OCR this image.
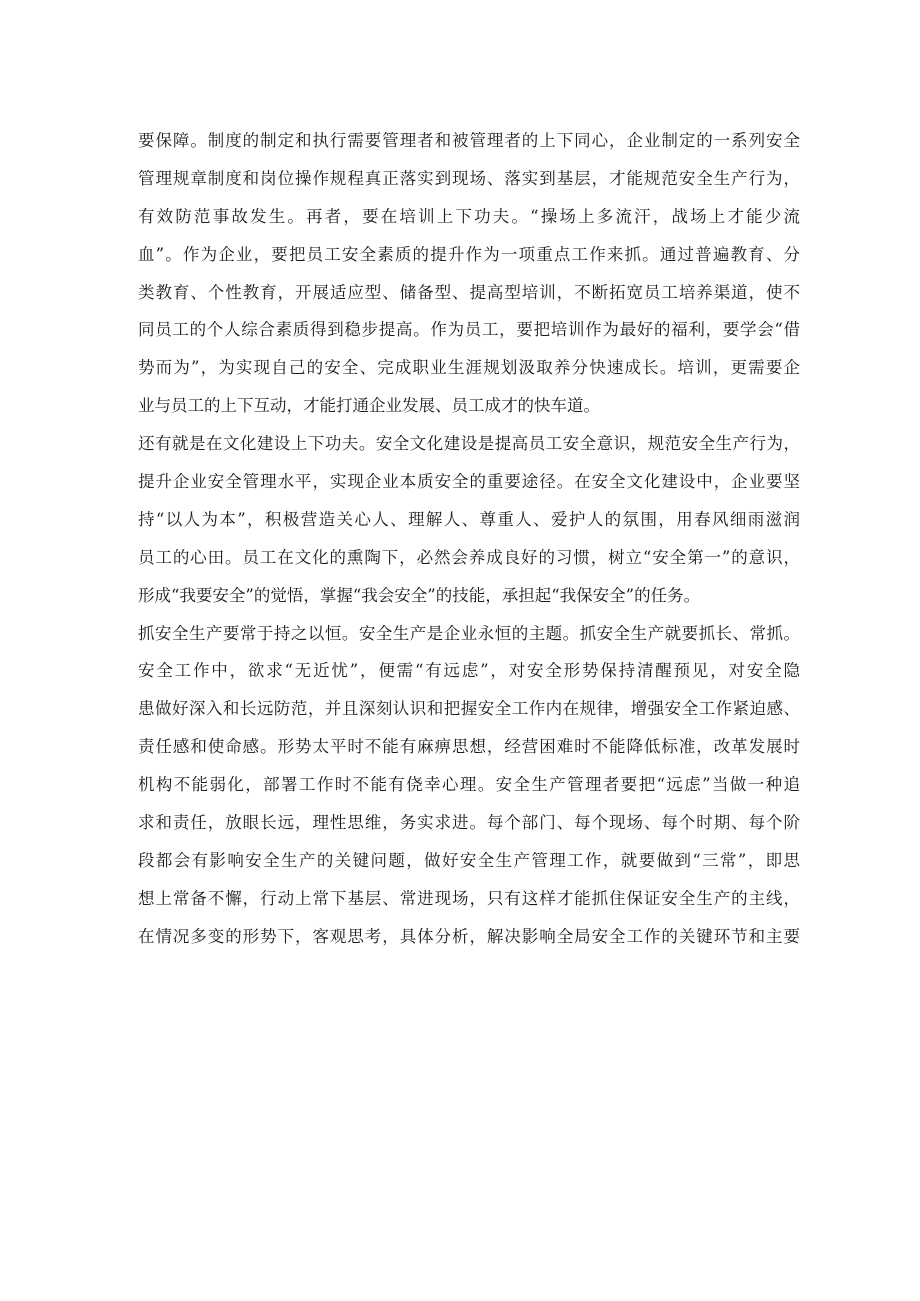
要保障。制度的制定和执行需要管理者和被管理者的上下同心，企业制定的一系列安全
管理规章制度和岗位操作规程真正落实到现场、落实到基层，才能规范安全生产行为，
有效防范事故发生。再者，要在培训上下功夫。“操场上多流汗，战场上才能少流
血”。作为企业，要把员工安全素质的提升作为一项重点工作来抓。通过普遍教育、分
类教育、个性教育，开展适应型、储备型、提高型培训，不断拓宽员工培养渠道，使不
同员工的个人综合素质得到稳步提高。作为员工，要把培训作为最好的福利，要学会“借
势而为”，为实现自己的安全、完成职业生涯规划汲取养分快速成长。培训，更需要企
业与员工的上下互动，才能打通企业发展、员工成才的快车道。
还有就是在文化建设上下功夫。安全文化建设是提高员工安全意识，规范安全生产行为，
提升企业安全管理水平，实现企业本质安全的重要途径。在安全文化建设中，企业要坚
持“以人为本”，积极营造关心人、理解人、尊重人、爱护人的氛围，用春风细雨滋润
员工的心田。员工在文化的熏陶下，必然会养成良好的习惯，树立“安全第一”的意识，
形成“我要安全”的觉悟，掌握“我会安全”的技能，承担起“我保安全”的任务。
抓安全生产要常于持之以恒。安全生产是企业永恒的主题。抓安全生产就要抓长、常抓。
安全工作中，欲求“无近忧”，便需“有远虑”，对安全形势保持清醒预见，对安全隐
患做好深入和长远防范，并且深刻认识和把握安全工作内在规律，增强安全工作紧迫感、
责任感和使命感。形势太平时不能有麻痹思想，经营困难时不能降低标准，改革发展时
机构不能弱化，部署工作时不能有侥幸心理。安全生产管理者要把“远虑”当做一种追
求和责任，放眼长远，理性思维，务实求进。每个部门、每个现场、每个时期、每个阶
段都会有影响安全生产的关键问题，做好安全生产管理工作，就要做到“三常”，即思
想上常备不懈，行动上常下基层、常进现场，只有这样才能抓住保证安全生产的主线，
在情况多变的形势下，客观思考，具体分析，解决影响全局安全工作的关键环节和主要
